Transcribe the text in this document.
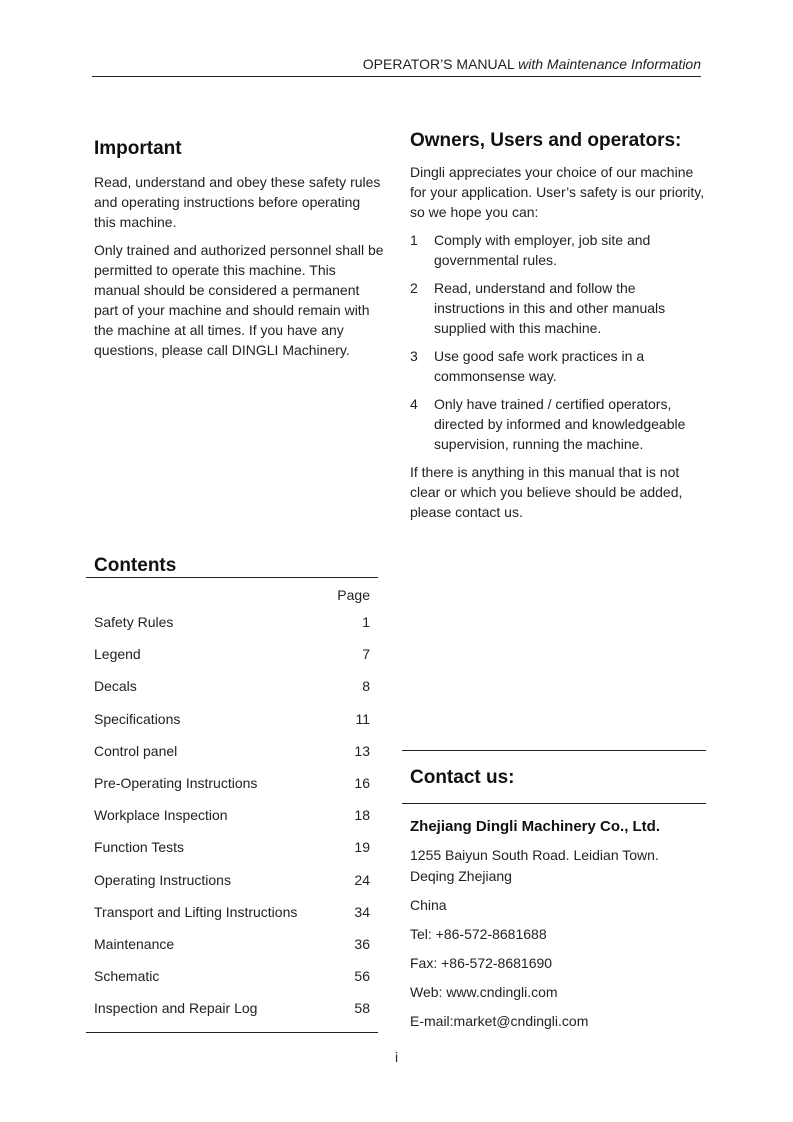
OPERATOR’S MANUAL with Maintenance Information
Important

Read, understand and obey these safety rules and operating instructions before operating this machine.

Only trained and authorized personnel shall be permitted to operate this machine. This manual should be considered a permanent part of your machine and should remain with the machine at all times. If you have any questions, please call DINGLI Machinery.

Owners, Users and operators:

Dingli appreciates your choice of our machine for your application. User’s safety is our priority, so we hope you can:

1	Comply with employer, job site and governmental rules.
2	Read, understand and follow the instructions in this and other manuals supplied with this machine.
3	Use good safe work practices in a commonsense way.
4	Only have trained / certified operators, directed by informed and knowledgeable supervision, running the machine.

If there is anything in this manual that is not clear or which you believe should be added, please contact us.

Contents
Page
Safety Rules	1
Legend	7
Decals	8
Specifications	11
Control panel	13
Pre-Operating Instructions	16
Workplace Inspection	18
Function Tests	19
Operating Instructions	24
Transport and Lifting Instructions	34
Maintenance	36
Schematic	56
Inspection and Repair Log	58
Contact us:
Zhejiang Dingli Machinery Co., Ltd.

1255 Baiyun South Road. Leidian Town.

Deqing Zhejiang

China

Tel: +86-572-8681688

Fax: +86-572-8681690

Web: www.cndingli.com

E-mail:market@cndingli.com

i
